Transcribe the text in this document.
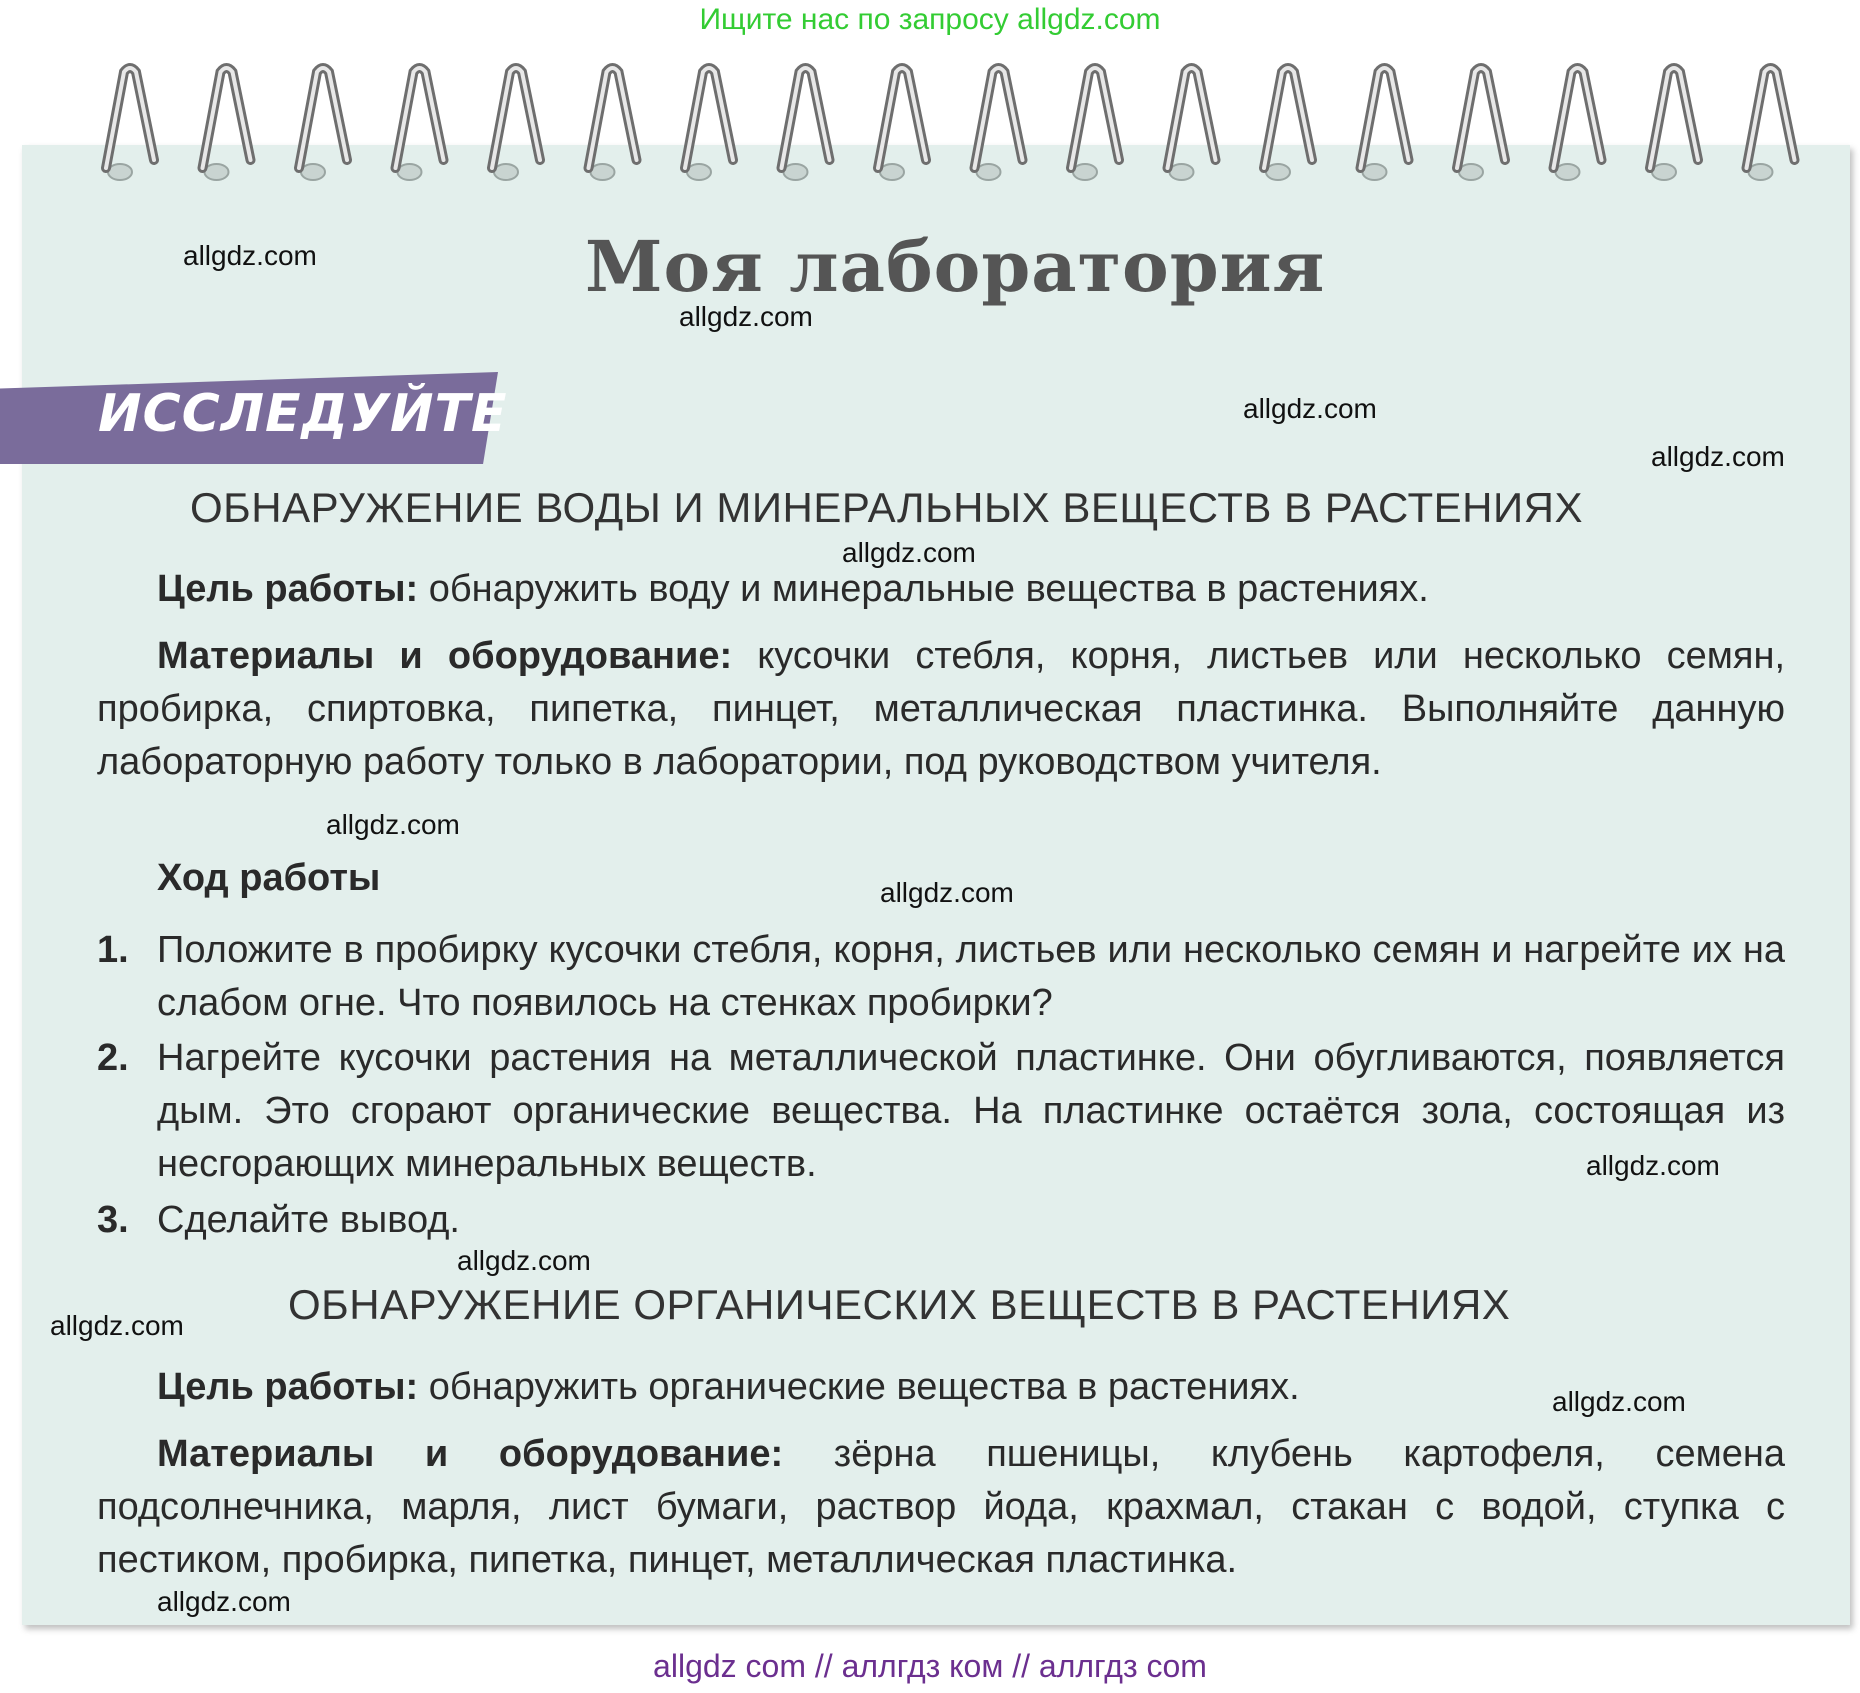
Ищите нас по запросу allgdz.com
Моя лаборатория
ИССЛЕДУЙТЕ
ОБНАРУЖЕНИЕ ВОДЫ И МИНЕРАЛЬНЫХ ВЕЩЕСТВ В РАСТЕНИЯХ
Цель работы: обнаружить воду и минеральные вещества в растениях.
Материалы и оборудование: кусочки стебля, корня, листьев или несколько семян, пробирка, спиртовка, пипетка, пинцет, металлическая пластинка. Выполняйте данную лабораторную работу только в лаборатории, под руководством учителя.
Ход работы
1. Положите в пробирку кусочки стебля, корня, листьев или несколько семян и нагрейте их на слабом огне. Что появилось на стенках пробирки?
2. Нагрейте кусочки растения на металлической пластинке. Они обугливаются, появляется дым. Это сгорают органические вещества. На пластинке остаётся зола, состоящая из несгорающих минеральных веществ.
3. Сделайте вывод.
ОБНАРУЖЕНИЕ ОРГАНИЧЕСКИХ ВЕЩЕСТВ В РАСТЕНИЯХ
Цель работы: обнаружить органические вещества в растениях.
Материалы и оборудование: зёрна пшеницы, клубень картофеля, семена подсолнечника, марля, лист бумаги, раствор йода, крахмал, стакан с водой, ступка с пестиком, пробирка, пипетка, пинцет, металлическая пластинка.
allgdz.com
allgdz.com
allgdz.com
allgdz.com
allgdz.com
allgdz.com
allgdz.com
allgdz.com
allgdz.com
allgdz.com
allgdz.com
allgdz.com
allgdz com // аллгдз ком // аллгдз com
